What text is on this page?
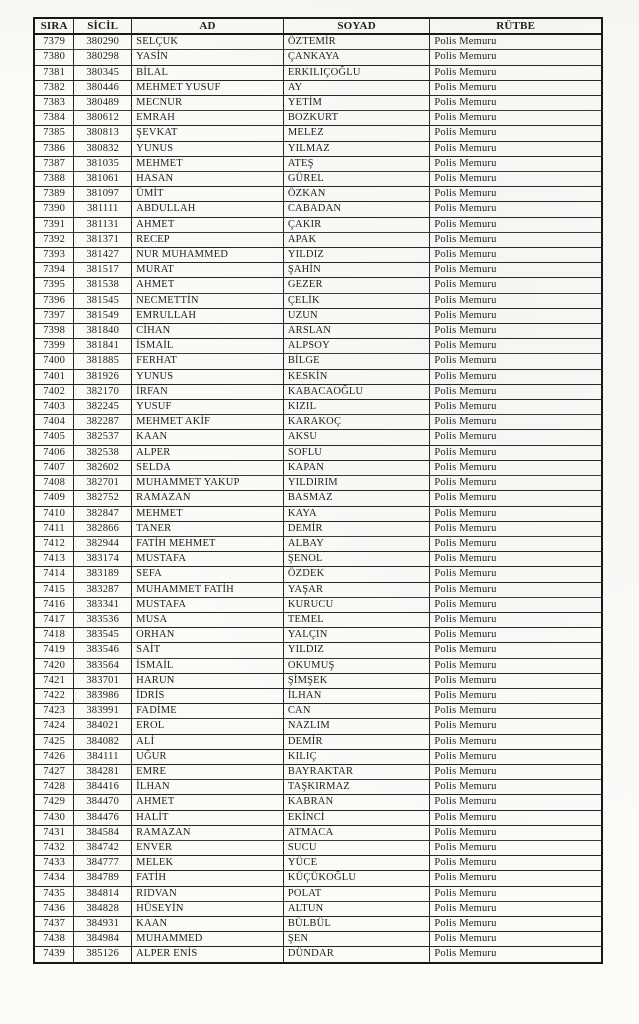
SIRA	SİCİL	AD	SOYAD	RÜTBE
7379	380290	SELÇUK	ÖZTEMİR	Polis Memuru
7380	380298	YASİN	ÇANKAYA	Polis Memuru
7381	380345	BİLAL	ERKILIÇOĞLU	Polis Memuru
7382	380446	MEHMET YUSUF	AY	Polis Memuru
7383	380489	MECNUR	YETİM	Polis Memuru
7384	380612	EMRAH	BOZKURT	Polis Memuru
7385	380813	ŞEVKAT	MELEZ	Polis Memuru
7386	380832	YUNUS	YILMAZ	Polis Memuru
7387	381035	MEHMET	ATEŞ	Polis Memuru
7388	381061	HASAN	GÜREL	Polis Memuru
7389	381097	ÜMİT	ÖZKAN	Polis Memuru
7390	381111	ABDULLAH	CABADAN	Polis Memuru
7391	381131	AHMET	ÇAKIR	Polis Memuru
7392	381371	RECEP	APAK	Polis Memuru
7393	381427	NUR MUHAMMED	YILDIZ	Polis Memuru
7394	381517	MURAT	ŞAHİN	Polis Memuru
7395	381538	AHMET	GEZER	Polis Memuru
7396	381545	NECMETTİN	ÇELİK	Polis Memuru
7397	381549	EMRULLAH	UZUN	Polis Memuru
7398	381840	CİHAN	ARSLAN	Polis Memuru
7399	381841	İSMAİL	ALPSOY	Polis Memuru
7400	381885	FERHAT	BİLGE	Polis Memuru
7401	381926	YUNUS	KESKİN	Polis Memuru
7402	382170	İRFAN	KABACAOĞLU	Polis Memuru
7403	382245	YUSUF	KIZIL	Polis Memuru
7404	382287	MEHMET AKİF	KARAKOÇ	Polis Memuru
7405	382537	KAAN	AKSU	Polis Memuru
7406	382538	ALPER	SOFLU	Polis Memuru
7407	382602	SELDA	KAPAN	Polis Memuru
7408	382701	MUHAMMET YAKUP	YILDIRIM	Polis Memuru
7409	382752	RAMAZAN	BASMAZ	Polis Memuru
7410	382847	MEHMET	KAYA	Polis Memuru
7411	382866	TANER	DEMİR	Polis Memuru
7412	382944	FATİH MEHMET	ALBAY	Polis Memuru
7413	383174	MUSTAFA	ŞENOL	Polis Memuru
7414	383189	SEFA	ÖZDEK	Polis Memuru
7415	383287	MUHAMMET FATİH	YAŞAR	Polis Memuru
7416	383341	MUSTAFA	KURUCU	Polis Memuru
7417	383536	MUSA	TEMEL	Polis Memuru
7418	383545	ORHAN	YALÇIN	Polis Memuru
7419	383546	SAİT	YILDIZ	Polis Memuru
7420	383564	İSMAİL	OKUMUŞ	Polis Memuru
7421	383701	HARUN	ŞİMŞEK	Polis Memuru
7422	383986	İDRİS	İLHAN	Polis Memuru
7423	383991	FADİME	CAN	Polis Memuru
7424	384021	EROL	NAZLIM	Polis Memuru
7425	384082	ALİ	DEMİR	Polis Memuru
7426	384111	UĞUR	KILIÇ	Polis Memuru
7427	384281	EMRE	BAYRAKTAR	Polis Memuru
7428	384416	İLHAN	TAŞKIRMAZ	Polis Memuru
7429	384470	AHMET	KABRAN	Polis Memuru
7430	384476	HALİT	EKİNCİ	Polis Memuru
7431	384584	RAMAZAN	ATMACA	Polis Memuru
7432	384742	ENVER	SUCU	Polis Memuru
7433	384777	MELEK	YÜCE	Polis Memuru
7434	384789	FATİH	KÜÇÜKOĞLU	Polis Memuru
7435	384814	RIDVAN	POLAT	Polis Memuru
7436	384828	HÜSEYİN	ALTUN	Polis Memuru
7437	384931	KAAN	BÜLBÜL	Polis Memuru
7438	384984	MUHAMMED	ŞEN	Polis Memuru
7439	385126	ALPER ENİS	DÜNDAR	Polis Memuru
